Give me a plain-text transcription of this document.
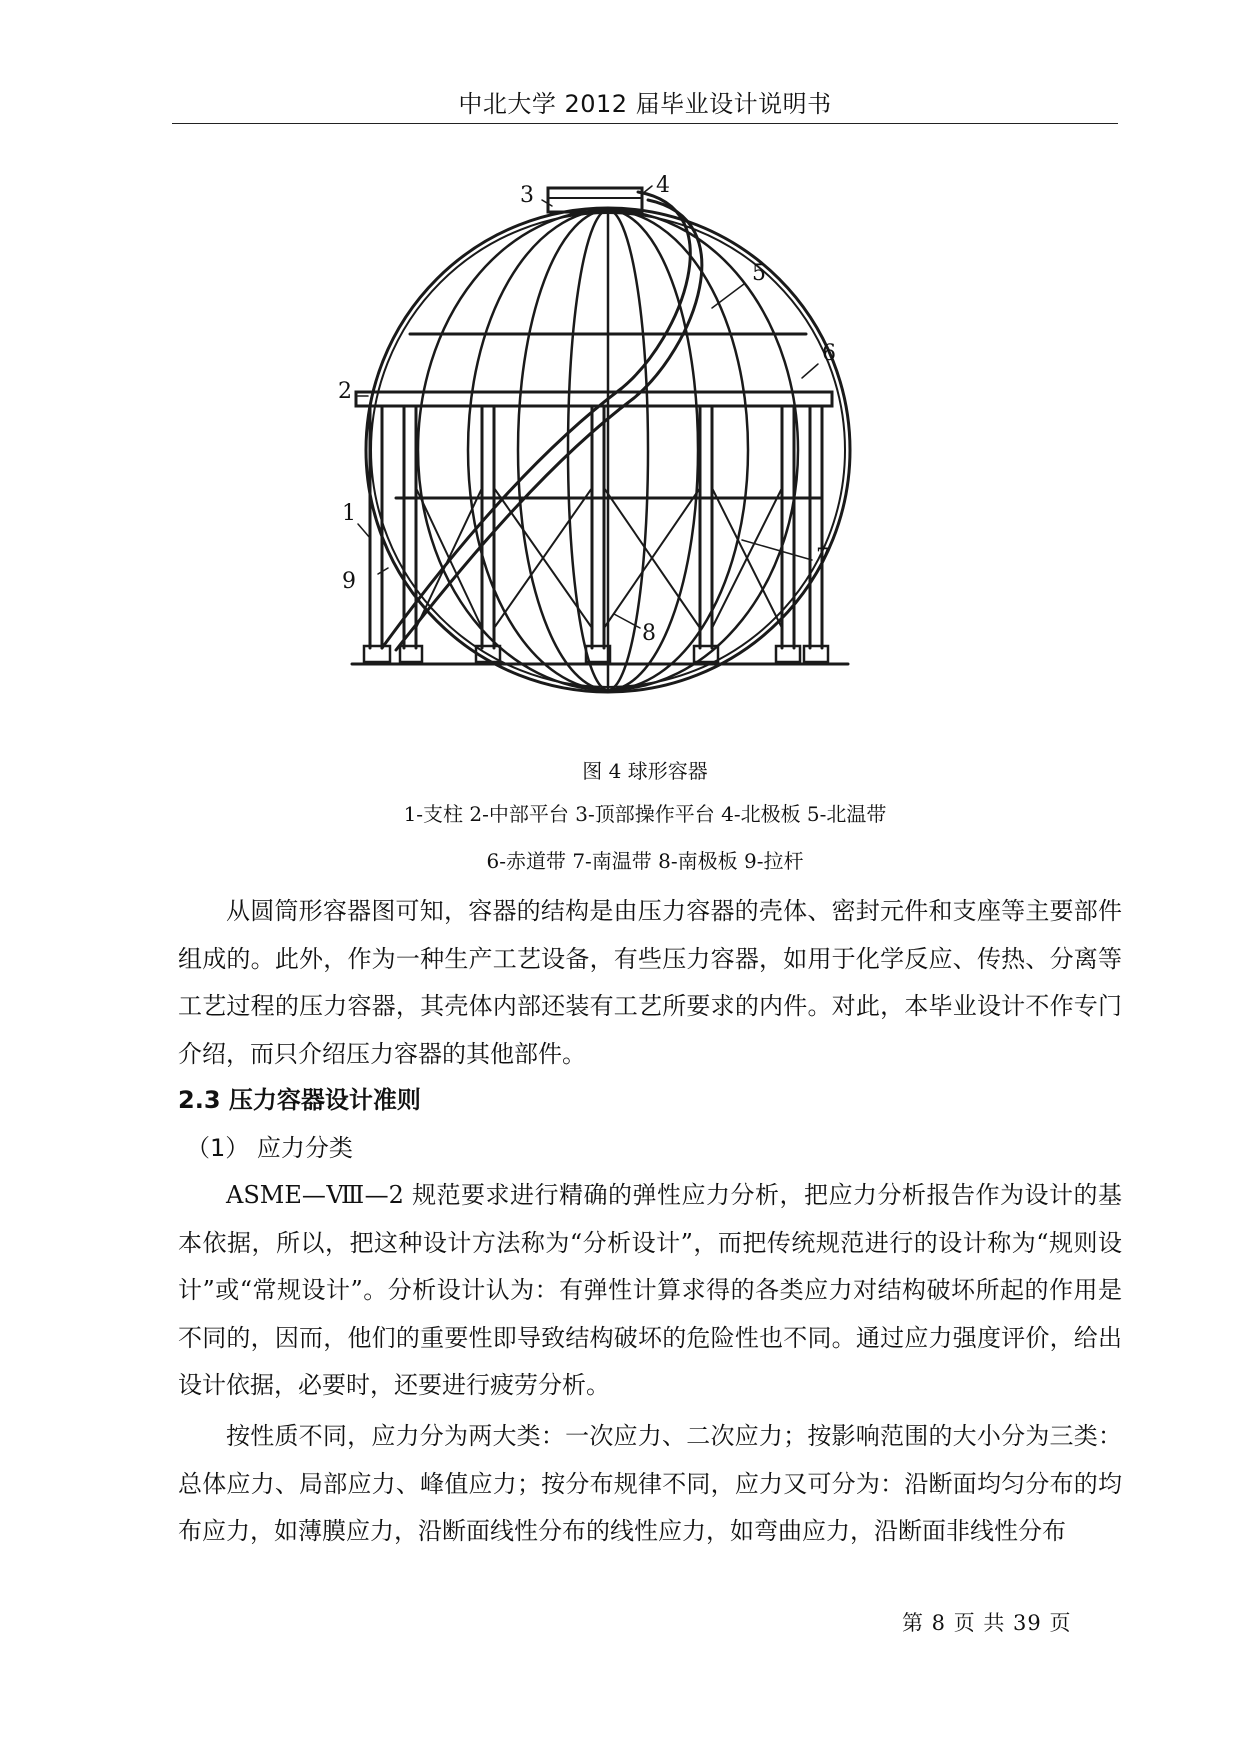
中北大学 2012 届毕业设计说明书
3	4
5
6
2
1
9
7
8
图 4 球形容器
1-支柱 2-中部平台 3-顶部操作平台 4-北极板 5-北温带
6-赤道带 7-南温带 8-南极板 9-拉杆

从圆筒形容器图可知，容器的结构是由压力容器的壳体、密封元件和支座等主要部件组成的。此外，作为一种生产工艺设备，有些压力容器，如用于化学反应、传热、分离等工艺过程的压力容器，其壳体内部还装有工艺所要求的内件。对此，本毕业设计不作专门介绍，而只介绍压力容器的其他部件。

2.3 压力容器设计准则
（1） 应力分类

ASME—Ⅷ—2 规范要求进行精确的弹性应力分析，把应力分析报告作为设计的基本依据，所以，把这种设计方法称为“分析设计”，而把传统规范进行的设计称为“规则设计”或“常规设计”。分析设计认为：有弹性计算求得的各类应力对结构破坏所起的作用是不同的，因而，他们的重要性即导致结构破坏的危险性也不同。通过应力强度评价，给出设计依据，必要时，还要进行疲劳分析。

按性质不同，应力分为两大类：一次应力、二次应力；按影响范围的大小分为三类：总体应力、局部应力、峰值应力；按分布规律不同，应力又可分为：沿断面均匀分布的均布应力，如薄膜应力，沿断面线性分布的线性应力，如弯曲应力，沿断面非线性分布

第 8 页 共 39 页
